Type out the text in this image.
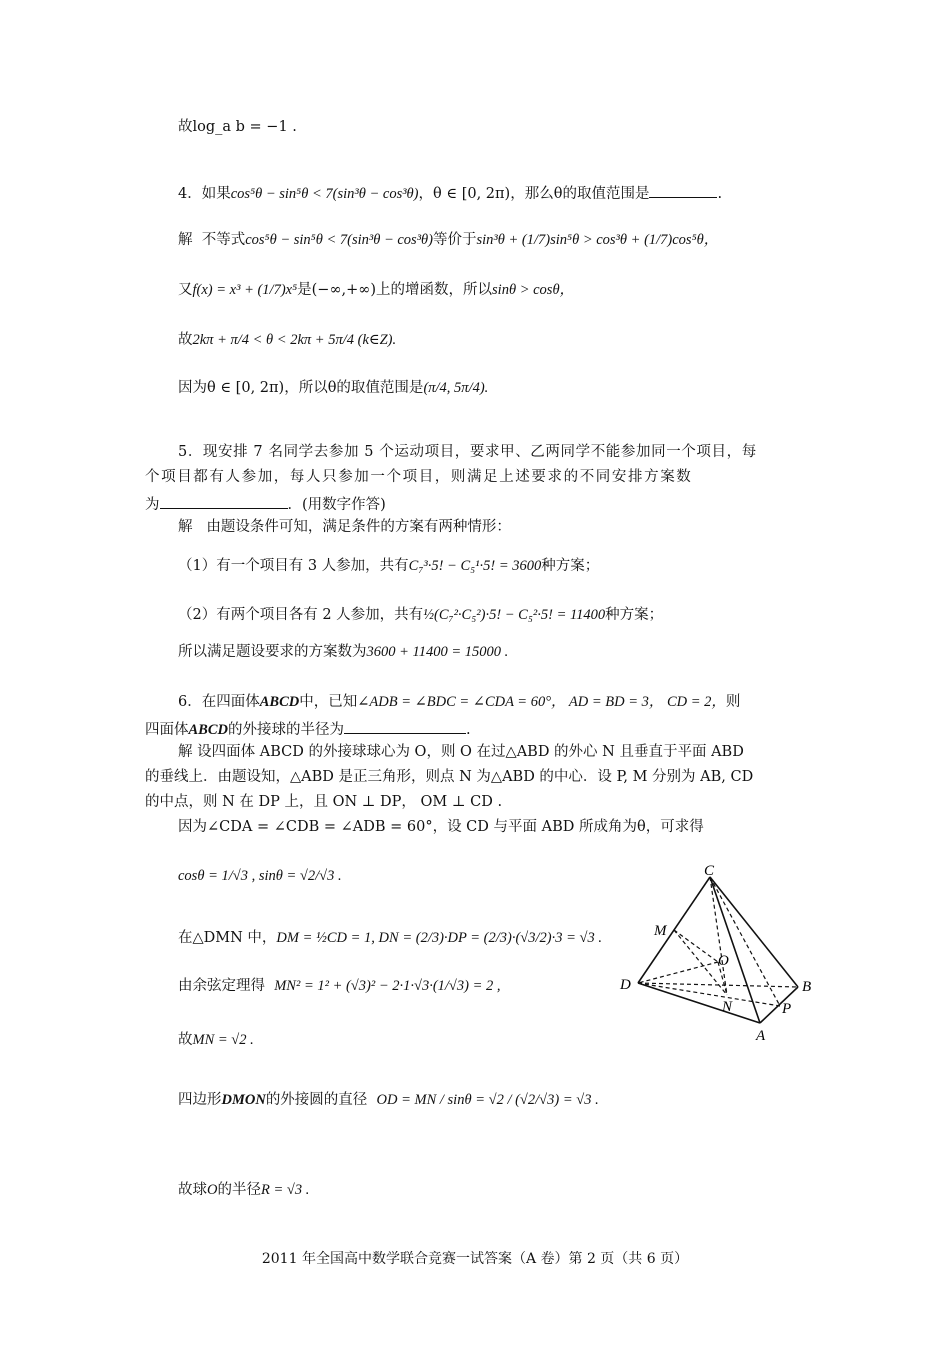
故log_a b = −1 .
4．如果cos⁵θ − sin⁵θ < 7(sin³θ − cos³θ)，θ ∈ [0, 2π)，那么θ的取值范围是	.
解 不等式cos⁵θ − sin⁵θ < 7(sin³θ − cos³θ)等价于sin³θ + (1/7)sin⁵θ > cos³θ + (1/7)cos⁵θ，
又f(x) = x³ + (1/7)x⁵是(−∞,+∞)上的增函数，所以sinθ > cosθ，
故2kπ + π/4 < θ < 2kπ + 5π/4 (k∈Z).
因为θ ∈ [0, 2π)，所以θ的取值范围是(π/4, 5π/4).
5．现安排 7 名同学去参加 5 个运动项目，要求甲、乙两同学不能参加同一个项目，每
个项目都有人参加，每人只参加一个项目，则满足上述要求的不同安排方案数
为	．(用数字作答)
解 由题设条件可知，满足条件的方案有两种情形：
（1）有一个项目有 3 人参加，共有C₇³·5! − C₅¹·5! = 3600种方案；
（2）有两个项目各有 2 人参加，共有½(C₇²·C₅²)·5! − C₅²·5! = 11400种方案；
所以满足题设要求的方案数为3600 + 11400 = 15000 .
6．在四面体ABCD中，已知∠ADB = ∠BDC = ∠CDA = 60°， AD = BD = 3， CD = 2，则
四面体ABCD的外接球的半径为	.
解 设四面体 ABCD 的外接球球心为 O，则 O 在过△ABD 的外心 N 且垂直于平面 ABD
的垂线上．由题设知，△ABD 是正三角形，则点 N 为△ABD 的中心．设 P, M 分别为 AB, CD
的中点，则 N 在 DP 上，且 ON ⊥ DP， OM ⊥ CD .
因为∠CDA = ∠CDB = ∠ADB = 60°，设 CD 与平面 ABD 所成角为θ，可求得
cosθ = 1/√3 , sinθ = √2/√3 .
在△DMN 中，DM = ½CD = 1, DN = (2/3)·DP = (2/3)·(√3/2)·3 = √3 .
由余弦定理得 MN² = 1² + (√3)² − 2·1·√3·(1/√3) = 2 ,
故MN = √2 .
四边形DMON的外接圆的直径 OD = MN / sinθ = √2 / (√2/√3) = √3 .
故球O的半径R = √3 .
C
M
O
D	B
N	P
A
2011 年全国高中数学联合竞赛一试答案（A 卷）第 2 页（共 6 页）
